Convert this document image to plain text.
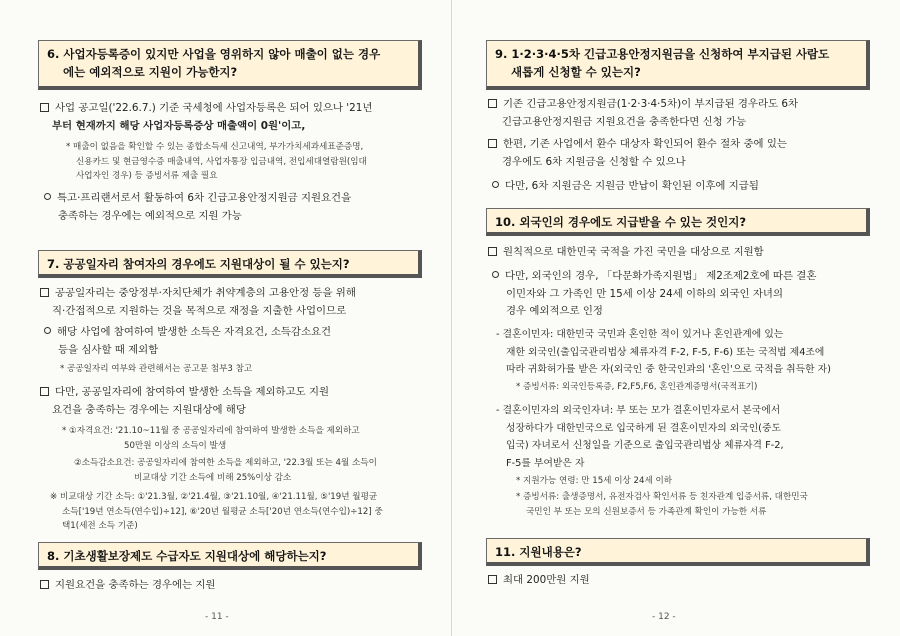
6. 사업자등록증이 있지만 사업을 영위하지 않아 매출이 없는 경우
에는 예외적으로 지원이 가능한지?
사업 공고일('22.6.7.) 기준 국세청에 사업자등록은 되어 있으나 '21년
부터 현재까지 해당 사업자등록증상 매출액이 0원'이고,
* 매출이 없음을 확인할 수 있는 종합소득세 신고내역, 부가가치세과세표준증명,
신용카드 및 현금영수증 매출내역, 사업자통장 입금내역, 전입세대열람원(임대
사업자인 경우) 등 증빙서류 제출 필요
특고·프리랜서로서 활동하여 6차 긴급고용안정지원금 지원요건을
충족하는 경우에는 예외적으로 지원 가능
7. 공공일자리 참여자의 경우에도 지원대상이 될 수 있는지?
공공일자리는 중앙정부·자치단체가 취약계층의 고용안정 등을 위해
직·간접적으로 지원하는 것을 목적으로 재정을 지출한 사업이므로
해당 사업에 참여하여 발생한 소득은 자격요건, 소득감소요건
등을 심사할 때 제외함
* 공공일자리 여부와 관련해서는 공고문 첨부3 참고
다만, 공공일자리에 참여하여 발생한 소득을 제외하고도 지원
요건을 충족하는 경우에는 지원대상에 해당
* ①자격요건: '21.10~11월 중 공공일자리에 참여하여 발생한 소득을 제외하고
50만원 이상의 소득이 발생
②소득감소요건: 공공일자리에 참여한 소득을 제외하고, '22.3월 또는 4월 소득이
비교대상 기간 소득에 비해 25%이상 감소
※ 비교대상 기간 소득: ①'21.3월, ②'21.4월, ③'21.10월, ④'21.11월, ⑤'19년 월평균
소득['19년 연소득(연수입)÷12], ⑥'20년 월평균 소득['20년 연소득(연수입)÷12] 중
택1(세전 소득 기준)
8. 기초생활보장제도 수급자도 지원대상에 해당하는지?
지원요건을 충족하는 경우에는 지원
- 11 -
9. 1·2·3·4·5차 긴급고용안정지원금을 신청하여 부지급된 사람도
새롭게 신청할 수 있는지?
기존 긴급고용안정지원금(1·2·3·4·5차)이 부지급된 경우라도 6차
긴급고용안정지원금 지원요건을 충족한다면 신청 가능
한편, 기존 사업에서 환수 대상자 확인되어 환수 절차 중에 있는
경우에도 6차 지원금을 신청할 수 있으나
다만, 6차 지원금은 지원금 반납이 확인된 이후에 지급됨
10. 외국인의 경우에도 지급받을 수 있는 것인지?
원칙적으로 대한민국 국적을 가진 국민을 대상으로 지원함
다만, 외국인의 경우, 「다문화가족지원법」 제2조제2호에 따른 결혼
이민자와 그 가족인 만 15세 이상 24세 이하의 외국인 자녀의
경우 예외적으로 인정
- 결혼이민자: 대한민국 국민과 혼인한 적이 있거나 혼인관계에 있는
재한 외국인(출입국관리법상 체류자격 F-2, F-5, F-6) 또는 국적법 제4조에
따라 귀화허가를 받은 자(외국인 중 한국인과의 '혼인'으로 국적을 취득한 자)
* 증빙서류: 외국인등록증, F2,F5,F6, 혼인관계증명서(국적표기)
- 결혼이민자의 외국인자녀: 부 또는 모가 결혼이민자로서 본국에서
성장하다가 대한민국으로 입국하게 된 결혼이민자의 외국인(중도
입국) 자녀로서 신청일을 기준으로 출입국관리법상 체류자격 F-2,
F-5를 부여받은 자
* 지원가능 연령: 만 15세 이상 24세 이하
* 증빙서류: 출생증명서, 유전자검사 확인서류 등 친자관계 입증서류, 대한민국
국민인 부 또는 모의 신원보증서 등 가족관계 확인이 가능한 서류
11. 지원내용은?
최대 200만원 지원
- 12 -
